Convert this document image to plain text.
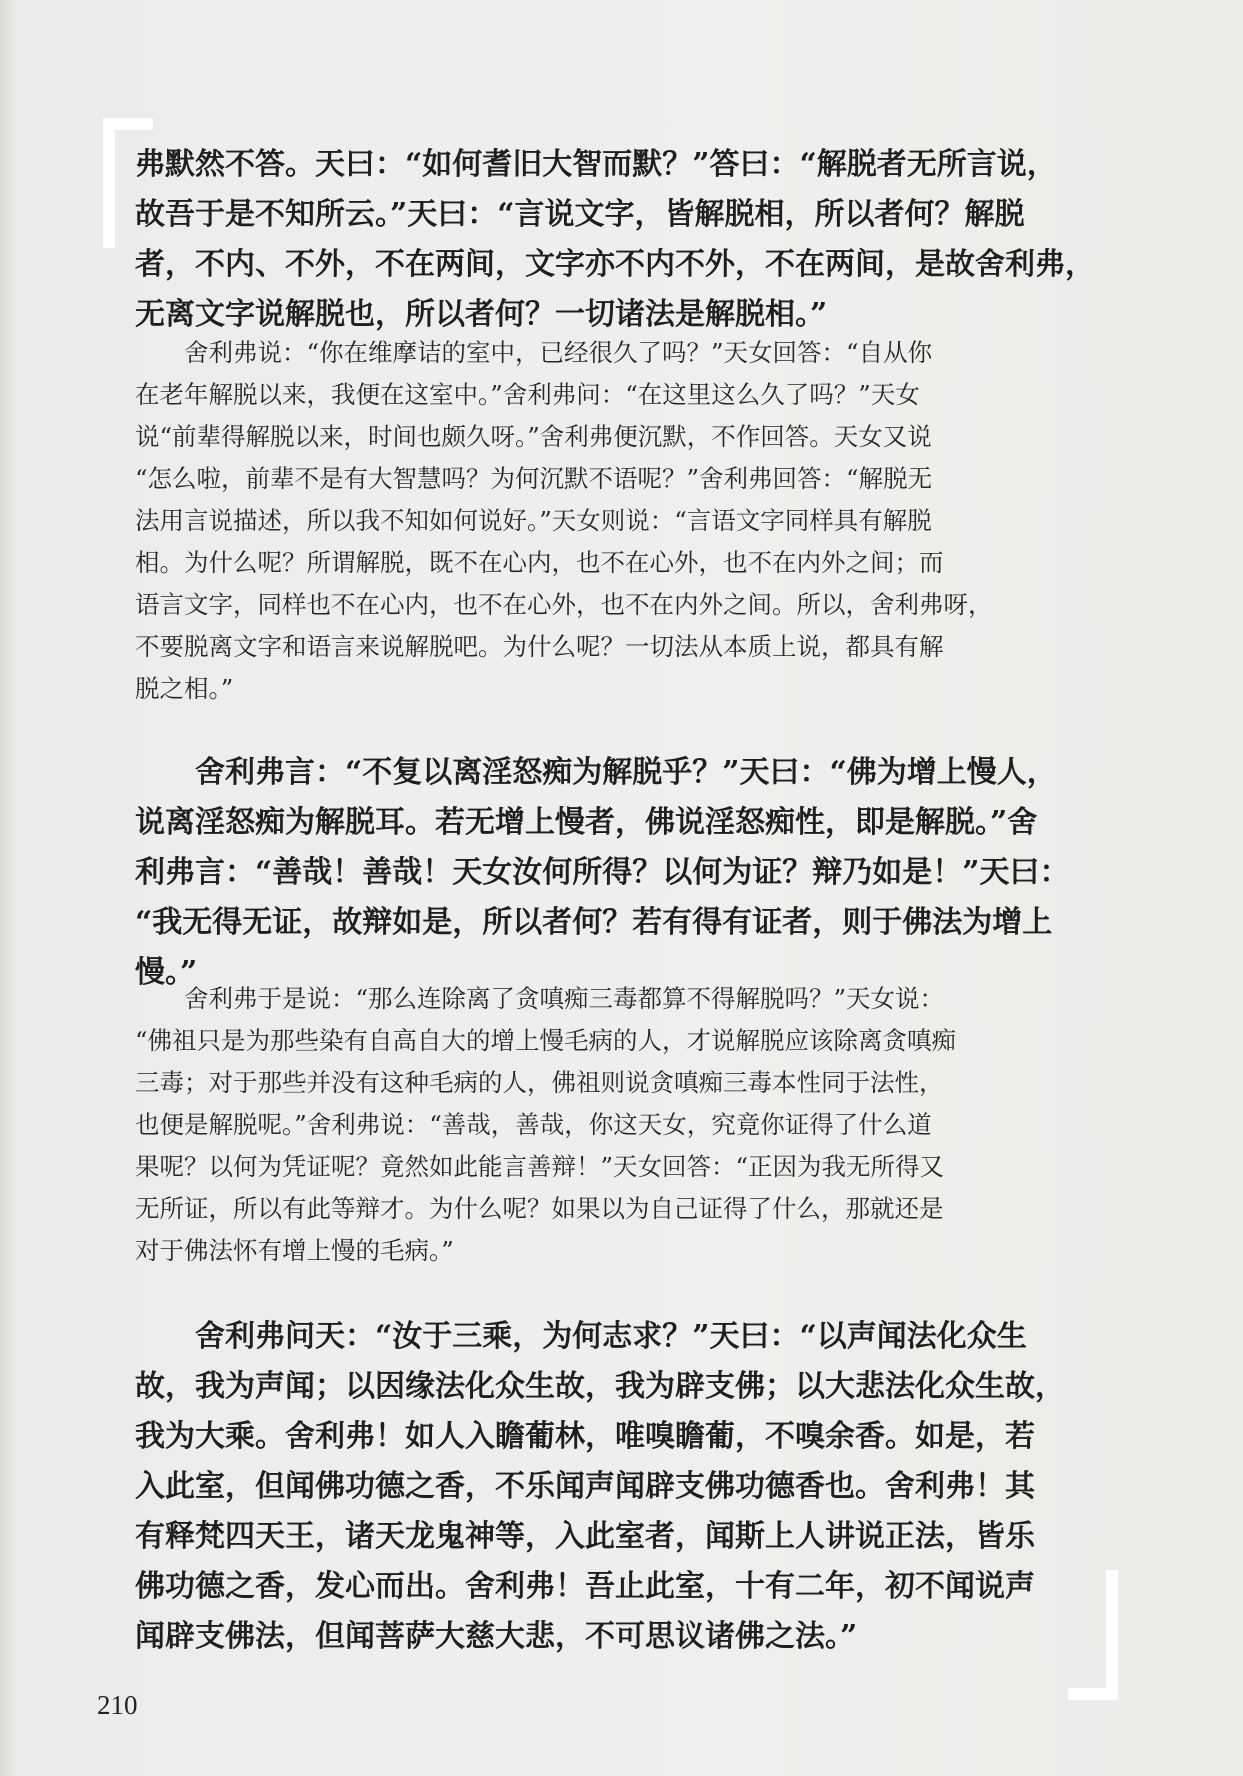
弗默然不答。天曰：“如何耆旧大智而默？”答曰：“解脱者无所言说，
故吾于是不知所云。”天曰：“言说文字，皆解脱相，所以者何？解脱
者，不内、不外，不在两间，文字亦不内不外，不在两间，是故舍利弗，
无离文字说解脱也，所以者何？一切诸法是解脱相。”
　　舍利弗说：“你在维摩诘的室中，已经很久了吗？”天女回答：“自从你
在老年解脱以来，我便在这室中。”舍利弗问：“在这里这么久了吗？”天女
说“前辈得解脱以来，时间也颇久呀。”舍利弗便沉默，不作回答。天女又说
“怎么啦，前辈不是有大智慧吗？为何沉默不语呢？”舍利弗回答：“解脱无
法用言说描述，所以我不知如何说好。”天女则说：“言语文字同样具有解脱
相。为什么呢？所谓解脱，既不在心内，也不在心外，也不在内外之间；而
语言文字，同样也不在心内，也不在心外，也不在内外之间。所以，舍利弗呀，
不要脱离文字和语言来说解脱吧。为什么呢？一切法从本质上说，都具有解
脱之相。”
　　舍利弗言：“不复以离淫怒痴为解脱乎？”天曰：“佛为增上慢人，
说离淫怒痴为解脱耳。若无增上慢者，佛说淫怒痴性，即是解脱。”舍
利弗言：“善哉！善哉！天女汝何所得？以何为证？辩乃如是！”天曰：
“我无得无证，故辩如是，所以者何？若有得有证者，则于佛法为增上
慢。”
　　舍利弗于是说：“那么连除离了贪嗔痴三毒都算不得解脱吗？”天女说：
“佛祖只是为那些染有自高自大的增上慢毛病的人，才说解脱应该除离贪嗔痴
三毒；对于那些并没有这种毛病的人，佛祖则说贪嗔痴三毒本性同于法性，
也便是解脱呢。”舍利弗说：“善哉，善哉，你这天女，究竟你证得了什么道
果呢？以何为凭证呢？竟然如此能言善辩！”天女回答：“正因为我无所得又
无所证，所以有此等辩才。为什么呢？如果以为自己证得了什么，那就还是
对于佛法怀有增上慢的毛病。”
　　舍利弗问天：“汝于三乘，为何志求？”天曰：“以声闻法化众生
故，我为声闻；以因缘法化众生故，我为辟支佛；以大悲法化众生故，
我为大乘。舍利弗！如人入瞻葡林，唯嗅瞻葡，不嗅余香。如是，若
入此室，但闻佛功德之香，不乐闻声闻辟支佛功德香也。舍利弗！其
有释梵四天王，诸天龙鬼神等，入此室者，闻斯上人讲说正法，皆乐
佛功德之香，发心而出。舍利弗！吾止此室，十有二年，初不闻说声
闻辟支佛法，但闻菩萨大慈大悲，不可思议诸佛之法。”
210
